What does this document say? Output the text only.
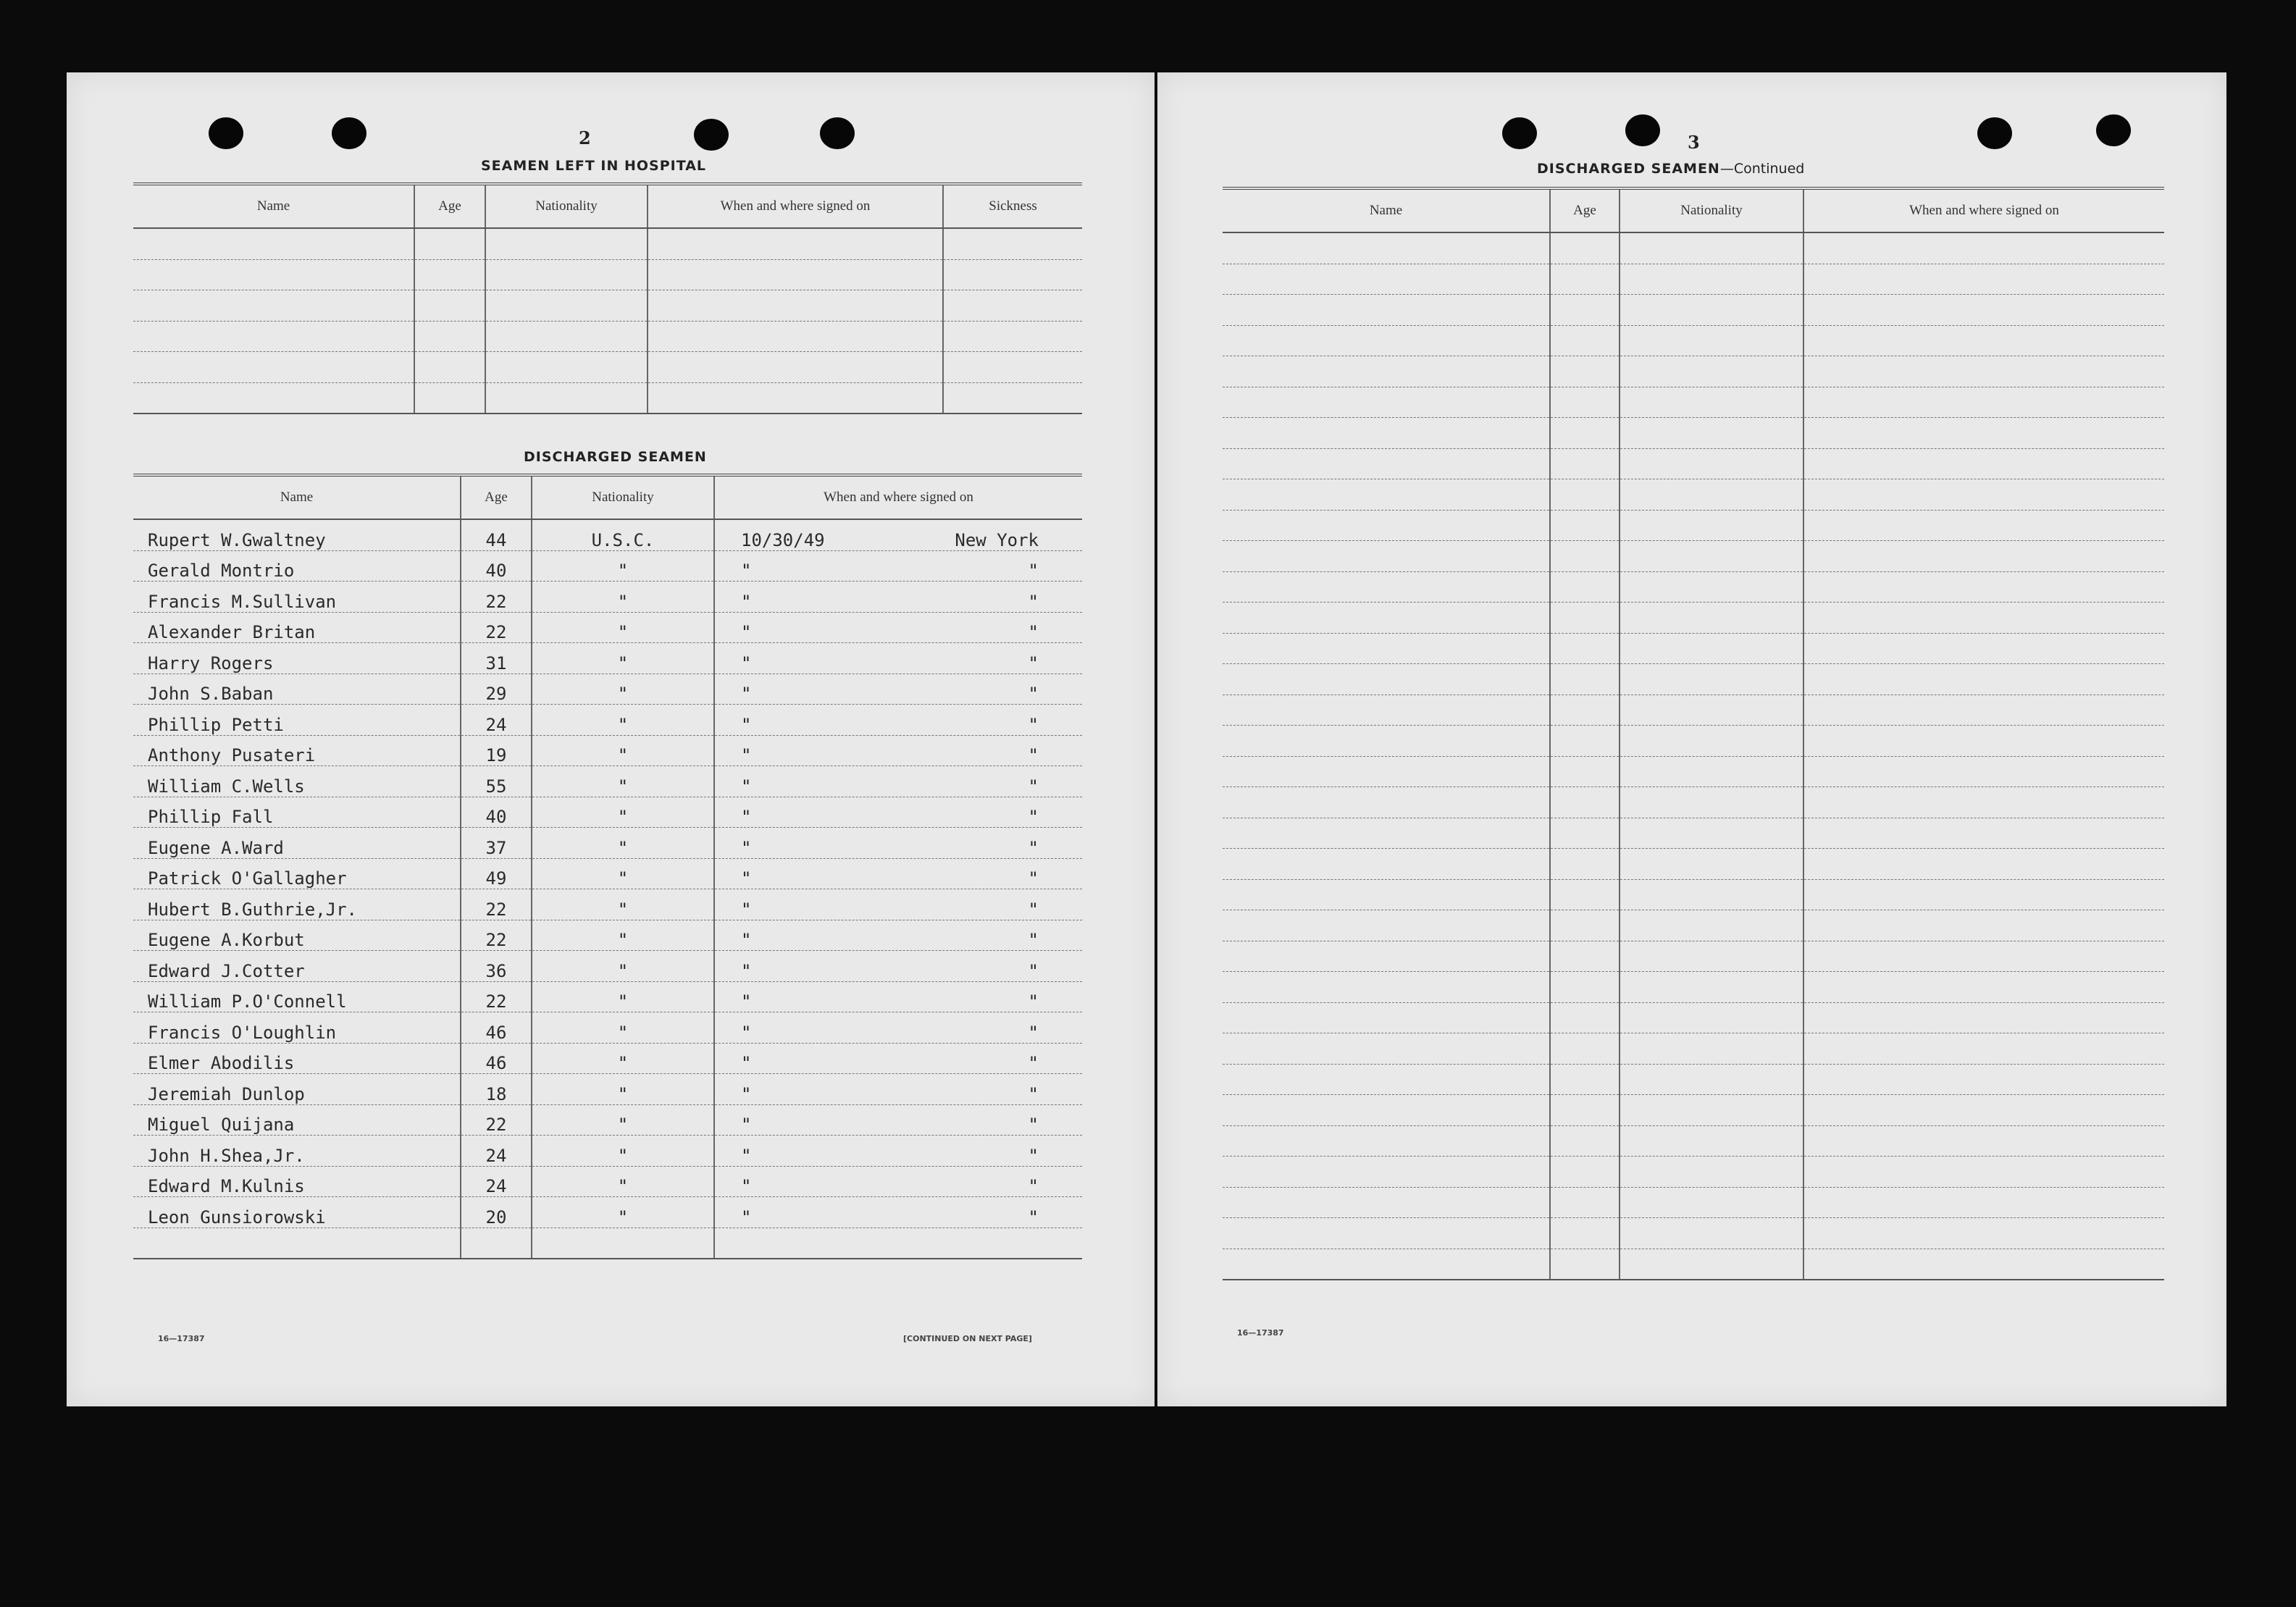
2
SEAMEN LEFT IN HOSPITAL
Name	Age	Nationality	When and where signed on	Sickness

DISCHARGED SEAMEN
Name	Age	Nationality	When and where signed on
Rupert W.Gwaltney	44	U.S.C.	10/30/49 New York

Gerald Montrio	40	"	" "

Francis M.Sullivan	22	"	" "

Alexander Britan	22	"	" "

Harry Rogers	31	"	" "

John S.Baban	29	"	" "

Phillip Petti	24	"	" "

Anthony Pusateri	19	"	" "

William C.Wells	55	"	" "

Phillip Fall	40	"	" "

Eugene A.Ward	37	"	" "

Patrick O'Gallagher	49	"	" "

Hubert B.Guthrie,Jr.	22	"	" "

Eugene A.Korbut	22	"	" "

Edward J.Cotter	36	"	" "

William P.O'Connell	22	"	" "

Francis O'Loughlin	46	"	" "

Elmer Abodilis	46	"	" "

Jeremiah Dunlop	18	"	" "

Miguel Quijana	22	"	" "

John H.Shea,Jr.	24	"	" "

Edward M.Kulnis	24	"	" "

Leon Gunsiorowski	20	"	" "

16—17387	[CONTINUED ON NEXT PAGE]
3
DISCHARGED SEAMEN—Continued
Name	Age	Nationality	When and where signed on

16—17387
